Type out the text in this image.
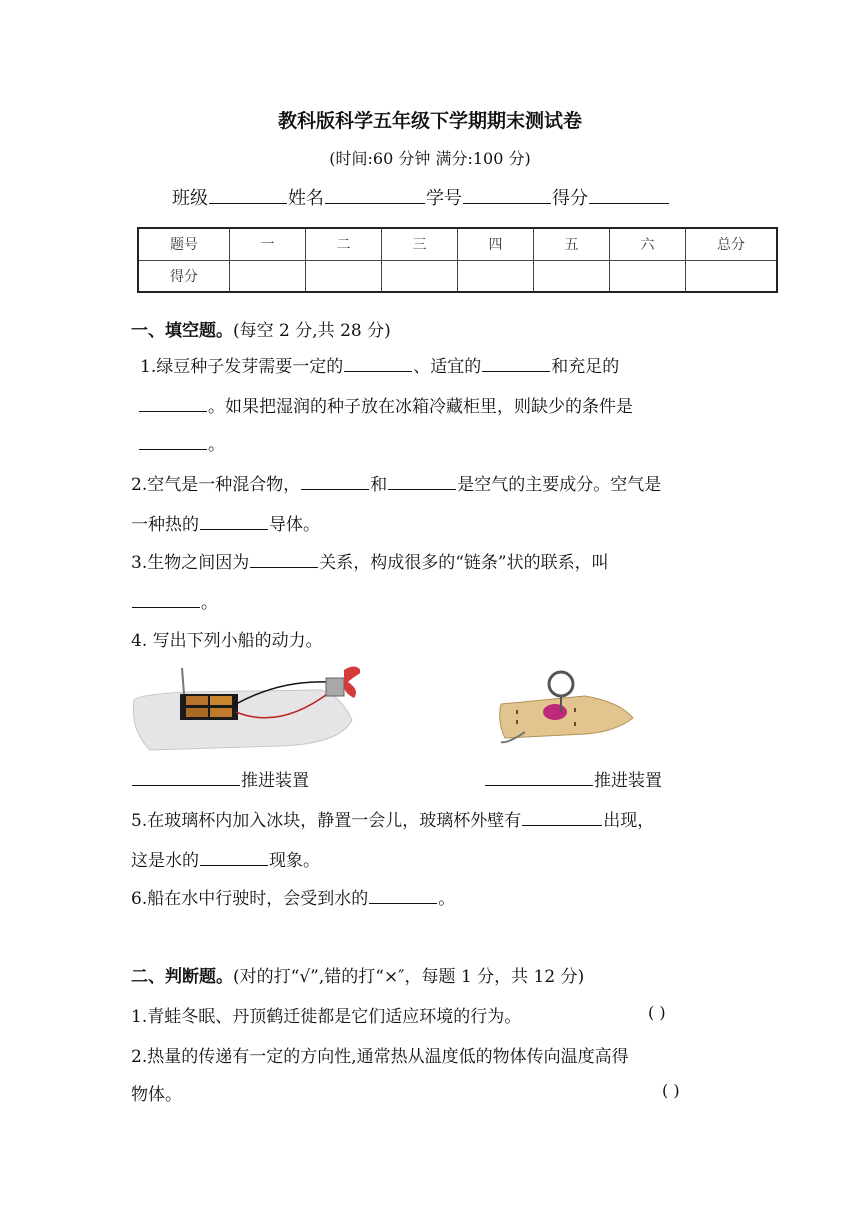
教科版科学五年级下学期期末测试卷
(时间:60 分钟 满分:100 分)
班级	姓名	学号	得分
题号	一	二	三	四	五	六	总分
得分							
一、填空题。(每空 2 分,共 28 分)
1.绿豆种子发芽需要一定的	、适宜的	和充足的
。如果把湿润的种子放在冰箱冷藏柜里，则缺少的条件是
。
2.空气是一种混合物，	和	是空气的主要成分。空气是
一种热的	导体。
3.生物之间因为	关系，构成很多的“链条”状的联系，叫
。
4. 写出下列小船的动力。
推进装置	推进装置
5.在玻璃杯内加入冰块，静置一会儿，玻璃杯外壁有	出现，
这是水的	现象。
6.船在水中行驶时，会受到水的	。
二、判断题。(对的打“√”,错的打“×″，每题 1 分，共 12 分)
1.青蛙冬眠、丹顶鹤迁徙都是它们适应环境的行为。	( )
2.热量的传递有一定的方向性,通常热从温度低的物体传向温度高得
物体。	( )
